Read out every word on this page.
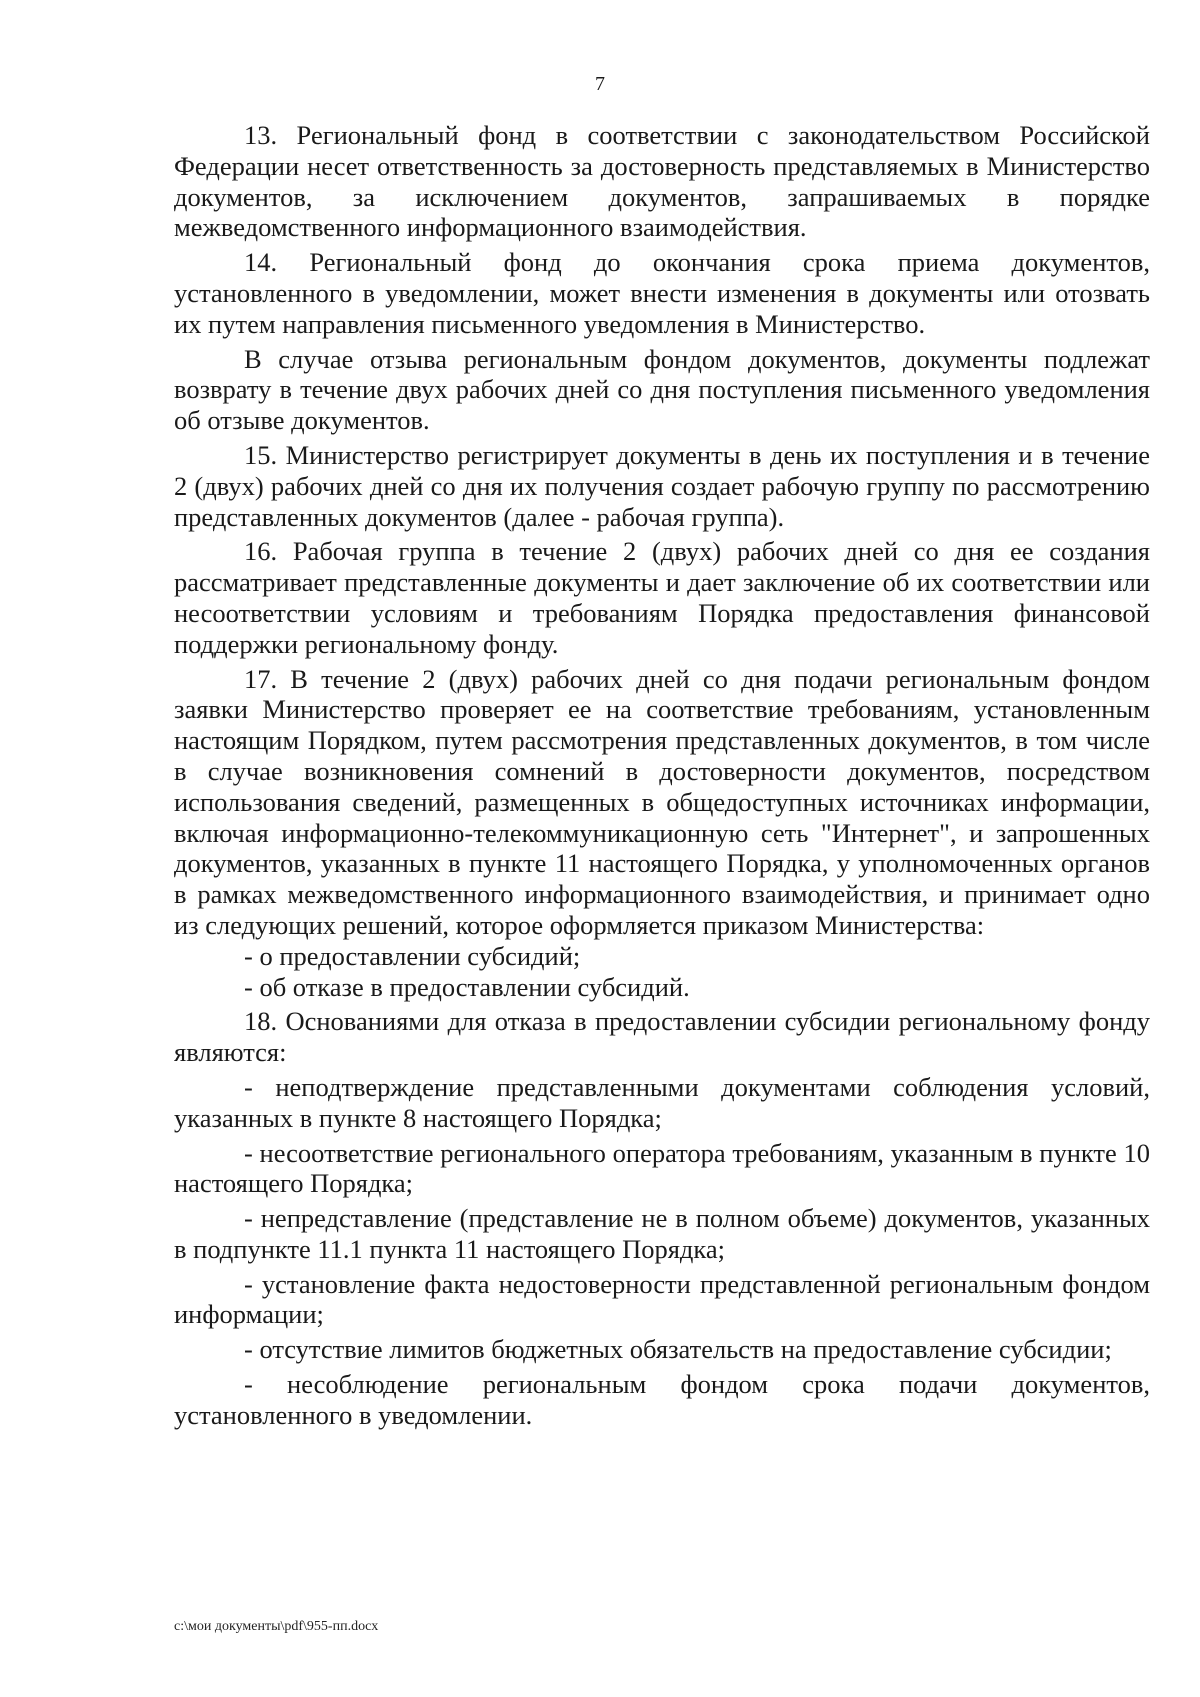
7

13. Региональный фонд в соответствии с законодательством Российской Федерации несет ответственность за достоверность представляемых в Министерство документов, за исключением документов, запрашиваемых в порядке межведомственного информационного взаимодействия.

14. Региональный фонд до окончания срока приема документов, установленного в уведомлении, может внести изменения в документы или отозвать их путем направления письменного уведомления в Министерство.

В случае отзыва региональным фондом документов, документы подлежат возврату в течение двух рабочих дней со дня поступления письменного уведомления об отзыве документов.

15. Министерство регистрирует документы в день их поступления и в течение 2 (двух) рабочих дней со дня их получения создает рабочую группу по рассмотрению представленных документов (далее - рабочая группа).

16. Рабочая группа в течение 2 (двух) рабочих дней со дня ее создания рассматривает представленные документы и дает заключение об их соответствии или несоответствии условиям и требованиям Порядка предоставления финансовой поддержки региональному фонду.

17. В течение 2 (двух) рабочих дней со дня подачи региональным фондом заявки Министерство проверяет ее на соответствие требованиям, установленным настоящим Порядком, путем рассмотрения представленных документов, в том числе в случае возникновения сомнений в достоверности документов, посредством использования сведений, размещенных в общедоступных источниках информации, включая информационно-телекоммуникационную сеть "Интернет", и запрошенных документов, указанных в пункте 11 настоящего Порядка, у уполномоченных органов в рамках межведомственного информационного взаимодействия, и принимает одно из следующих решений, которое оформляется приказом Министерства:

- о предоставлении субсидий;

- об отказе в предоставлении субсидий.

18. Основаниями для отказа в предоставлении субсидии региональному фонду являются:

- неподтверждение представленными документами соблюдения условий, указанных в пункте 8 настоящего Порядка;

- несоответствие регионального оператора требованиям, указанным в пункте 10 настоящего Порядка;

- непредставление (представление не в полном объеме) документов, указанных в подпункте 11.1 пункта 11 настоящего Порядка;

- установление факта недостоверности представленной региональным фондом информации;

- отсутствие лимитов бюджетных обязательств на предоставление субсидии;

- несоблюдение региональным фондом срока подачи документов, установленного в уведомлении.

c:\мои документы\pdf\955-пп.docx
